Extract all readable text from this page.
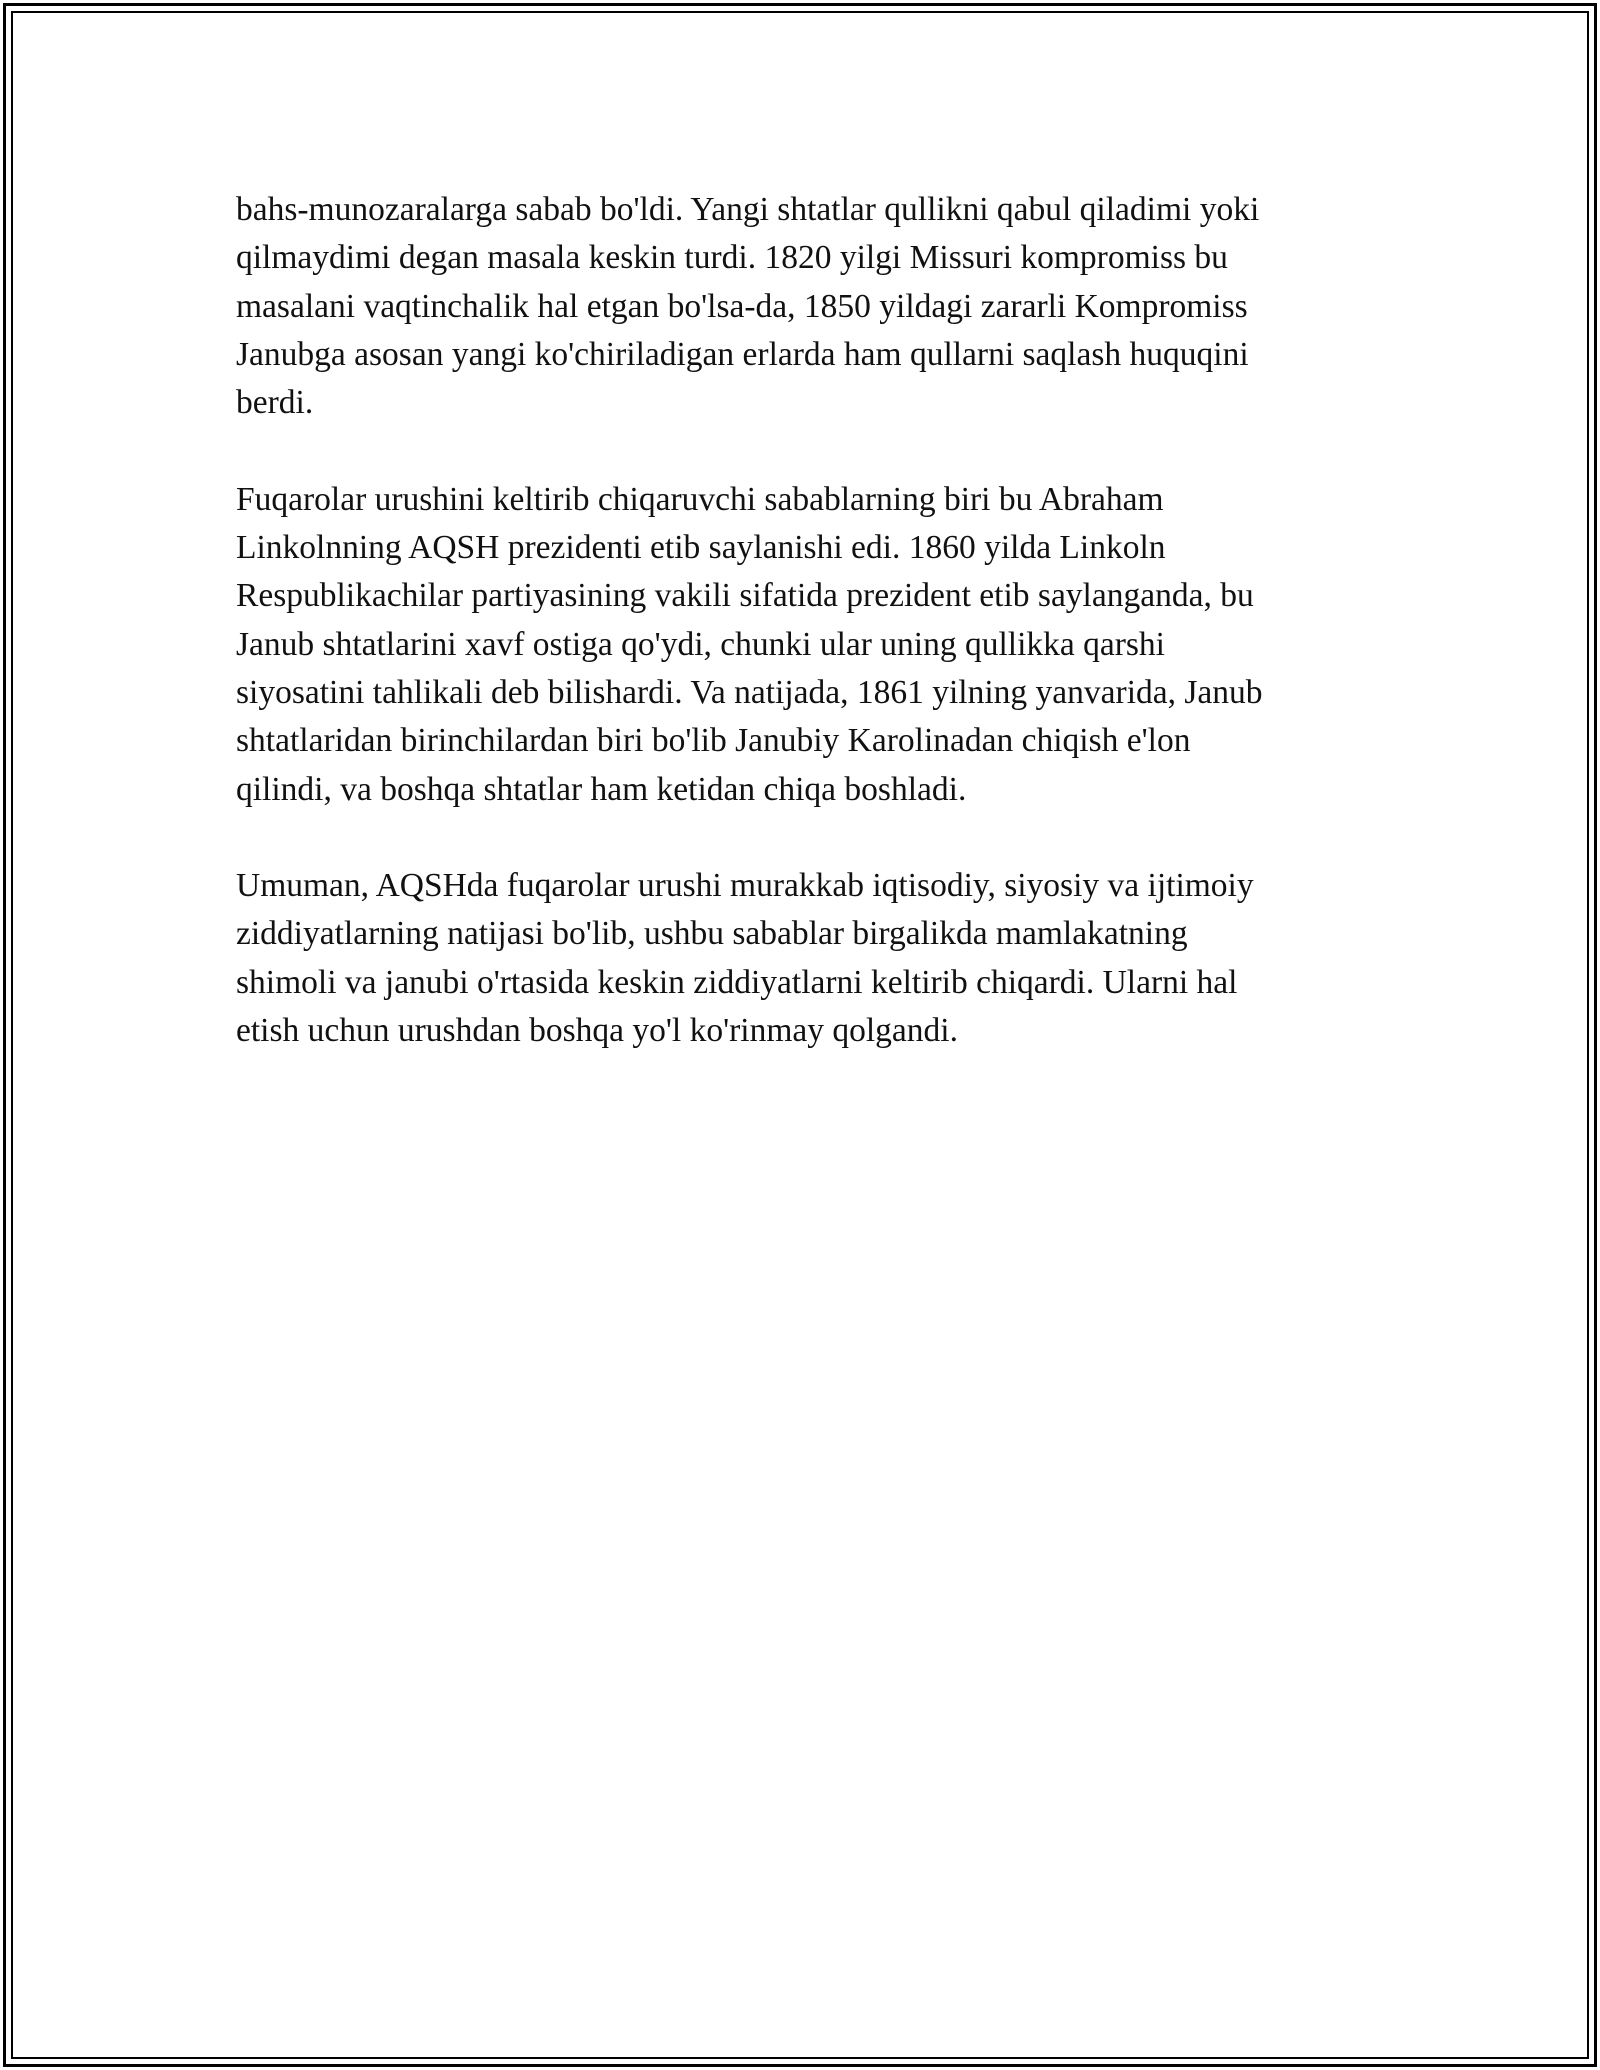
bahs-munozaralarga sabab bo'ldi. Yangi shtatlar qullikni qabul qiladimi yoki
qilmaydimi degan masala keskin turdi. 1820 yilgi Missuri kompromiss bu
masalani vaqtinchalik hal etgan bo'lsa-da, 1850 yildagi zararli Kompromiss
Janubga asosan yangi ko'chiriladigan erlarda ham qullarni saqlash huquqini
berdi.

Fuqarolar urushini keltirib chiqaruvchi sabablarning biri bu Abraham
Linkolnning AQSH prezidenti etib saylanishi edi. 1860 yilda Linkoln
Respublikachilar partiyasining vakili sifatida prezident etib saylanganda, bu
Janub shtatlarini xavf ostiga qo'ydi, chunki ular uning qullikka qarshi
siyosatini tahlikali deb bilishardi. Va natijada, 1861 yilning yanvarida, Janub
shtatlaridan birinchilardan biri bo'lib Janubiy Karolinadan chiqish e'lon
qilindi, va boshqa shtatlar ham ketidan chiqa boshladi.

Umuman, AQSHda fuqarolar urushi murakkab iqtisodiy, siyosiy va ijtimoiy
ziddiyatlarning natijasi bo'lib, ushbu sabablar birgalikda mamlakatning
shimoli va janubi o'rtasida keskin ziddiyatlarni keltirib chiqardi. Ularni hal
etish uchun urushdan boshqa yo'l ko'rinmay qolgandi.
